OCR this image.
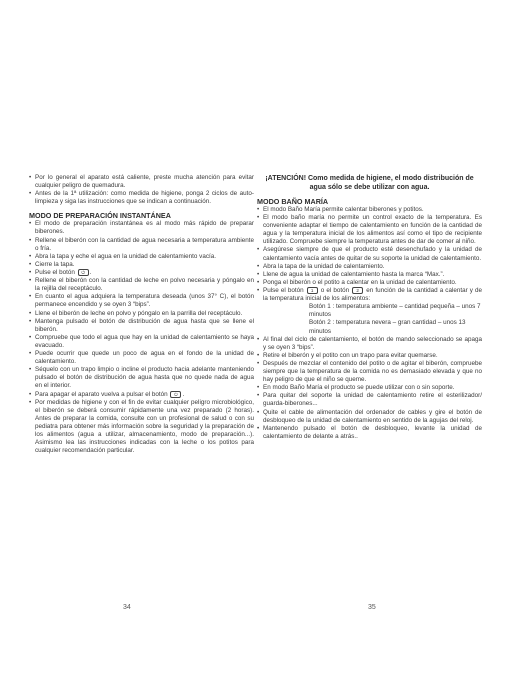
• Por lo general el aparato está caliente, preste mucha atención para evitar cualquier peligro de quemadura.
• Antes de la 1ª utilización: como medida de higiene, ponga 2 ciclos de auto-limpieza y siga las instrucciones que se indican a continuación.
MODO DE PREPARACIÓN INSTANTÁNEA
• El modo de preparación instantánea es al modo más rápido de preparar biberones.
• Rellene el biberón con la cantidad de agua necesaria a temperatura ambiente o fría.
• Abra la tapa y eche el agua en la unidad de calentamiento vacía.
• Cierre la tapa.
• Pulse el botón ⏻ .
• Rellene el biberón con la cantidad de leche en polvo necesaria y póngalo en la rejilla del receptáculo.
• En cuanto el agua adquiera la temperatura deseada (unos 37° C), el botón permanece encendido y se oyen 3 “bips”.
• Llene el biberón de leche en polvo y póngalo en la parrilla del receptáculo.
• Mantenga pulsado el botón de distribución de agua hasta que se llene el biberón.
• Compruebe que todo el agua que hay en la unidad de calentamiento se haya evacuado.
• Puede ocurrir que quede un poco de agua en el fondo de la unidad de calentamiento.
• Séquelo con un trapo limpio o incline el producto hacia adelante manteniendo pulsado el botón de distribución de agua hasta que no quede nada de agua en el interior.
• Para apagar el aparato vuelva a pulsar el botón ⏻ .
• Por medidas de higiene y con el fin de evitar cualquier peligro microbiológico, el biberón se deberá consumir rápidamente una vez preparado (2 horas). Antes de preparar la comida, consulte con un profesional de salud o con su pediatra para obtener más información sobre la seguridad y la preparación de los alimentos (agua a utilizar, almacenamiento, modo de preparación...). Asimismo lea las instrucciones indicadas con la leche o los potitos para cualquier recomendación particular.
34
¡ATENCIÓN! Como medida de higiene, el modo distribución de agua sólo se debe utilizar con agua.
MODO BAÑO MARÍA
• El modo Baño María permite calentar biberones y potitos.
• El modo baño maría no permite un control exacto de la temperatura. Es conveniente adaptar el tiempo de calentamiento en función de la cantidad de agua y la temperatura inicial de los alimentos así como el tipo de recipiente utilizado. Compruebe siempre la temperatura antes de dar de comer al niño.
• Asegúrese siempre de que el producto esté desenchufado y la unidad de calentamiento vacía antes de quitar de su soporte la unidad de calentamiento.
• Abra la tapa de la unidad de calentamiento.
• Llene de agua la unidad de calentamiento hasta la marca “Max.”.
• Ponga el biberón o el potito a calentar en la unidad de calentamiento.
• Pulse el botón 1 o el botón 2 en función de la cantidad a calentar y de la temperatura inicial de los alimentos:
Botón 1 : temperatura ambiente – cantidad pequeña – unos 7 minutos
Botón 2 : temperatura nevera – gran cantidad – unos 13 minutos
• Al final del ciclo de calentamiento, el botón de mando seleccionado se apaga y se oyen 3 “bips”.
• Retire el biberón y el potito con un trapo para evitar quemarse.
• Después de mezclar el contenido del potito o de agitar el biberón, compruebe siempre que la temperatura de la comida no es demasiado elevada y que no hay peligro de que el niño se queme.
• En modo Baño María el producto se puede utilizar con o sin soporte.
• Para quitar del soporte la unidad de calentamiento retire el esterilizador/ guarda-biberones...
• Quite el cable de alimentación del ordenador de cables y gire el botón de desbloqueo de la unidad de calentamiento en sentido de la agujas del reloj.
• Mantenendo pulsado el botón de desbloqueo, levante la unidad de calentamiento de delante a atrás..
35
